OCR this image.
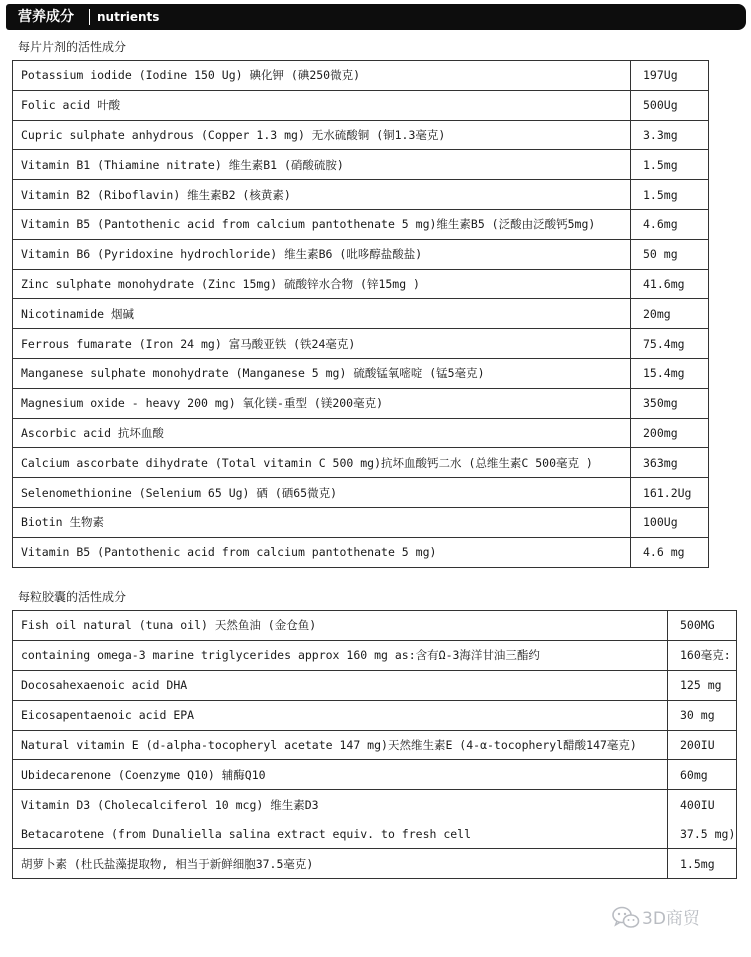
营养成分 nutrients
每片片剂的活性成分
Potassium iodide (Iodine 150 Ug) 碘化钾 (碘250微克)	197Ug
Folic acid 叶酸	500Ug
Cupric sulphate anhydrous (Copper 1.3 mg) 无水硫酸铜 (铜1.3毫克)	3.3mg
Vitamin B1 (Thiamine nitrate) 维生素B1 (硝酸硫胺)	1.5mg
Vitamin B2 (Riboflavin) 维生素B2 (核黄素)	1.5mg
Vitamin B5 (Pantothenic acid from calcium pantothenate 5 mg)维生素B5 (泛酸由泛酸钙5mg)	4.6mg
Vitamin B6 (Pyridoxine hydrochloride) 维生素B6 (吡哆醇盐酸盐)	50 mg
Zinc sulphate monohydrate (Zinc 15mg) 硫酸锌水合物 (锌15mg )	41.6mg
Nicotinamide 烟碱	20mg
Ferrous fumarate (Iron 24 mg) 富马酸亚铁 (铁24毫克)	75.4mg
Manganese sulphate monohydrate (Manganese 5 mg) 硫酸锰氧嘧啶 (锰5毫克)	15.4mg
Magnesium oxide - heavy 200 mg) 氧化镁-重型 (镁200毫克)	350mg
Ascorbic acid 抗坏血酸	200mg
Calcium ascorbate dihydrate (Total vitamin C 500 mg)抗坏血酸钙二水 (总维生素C 500毫克 )	363mg
Selenomethionine (Selenium 65 Ug) 硒 (硒65微克)	161.2Ug
Biotin 生物素	100Ug
Vitamin B5 (Pantothenic acid from calcium pantothenate 5 mg)	4.6 mg
每粒胶囊的活性成分
Fish oil natural (tuna oil) 天然鱼油 (金仓鱼)	500MG
containing omega-3 marine triglycerides approx 160 mg as:含有Ω-3海洋甘油三酯约	160毫克:
Docosahexaenoic acid DHA	125 mg
Eicosapentaenoic acid EPA	30 mg
Natural vitamin E (d-alpha-tocopheryl acetate 147 mg)天然维生素E (4-α-tocopheryl醋酸147毫克)	200IU
Ubidecarenone (Coenzyme Q10) 辅酶Q10	60mg
Vitamin D3 (Cholecalciferol 10 mcg) 维生素D3	400IU
Betacarotene (from Dunaliella salina extract equiv. to fresh cell	37.5 mg)
胡萝卜素 (杜氏盐藻提取物, 相当于新鲜细胞37.5毫克)	1.5mg
3D商贸
